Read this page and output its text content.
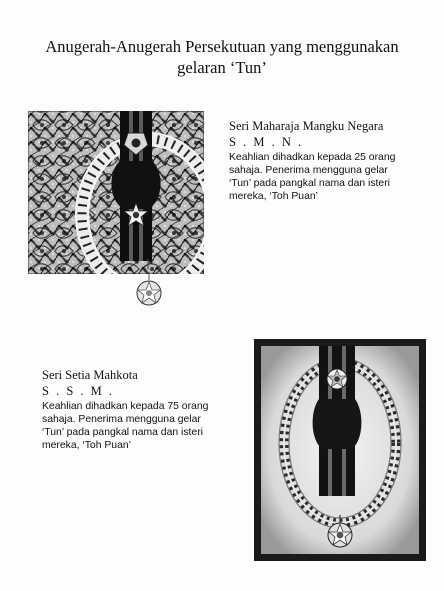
Anugerah-Anugerah Persekutuan yang menggunakan
gelaran ‘Tun’
Seri Maharaja Mangku Negara
S . M . N .
Keahlian dihadkan kepada 25 orang
sahaja. Penerima mengguna gelar
‘Tun’ pada pangkal nama dan isteri
mereka, ‘Toh Puan’
Seri Setia Mahkota
S . S . M .
Keahlian dihadkan kepada 75 orang
sahaja. Penerima mengguna gelar
‘Tun’ pada pangkal nama dan isteri
mereka, ‘Toh Puan’
